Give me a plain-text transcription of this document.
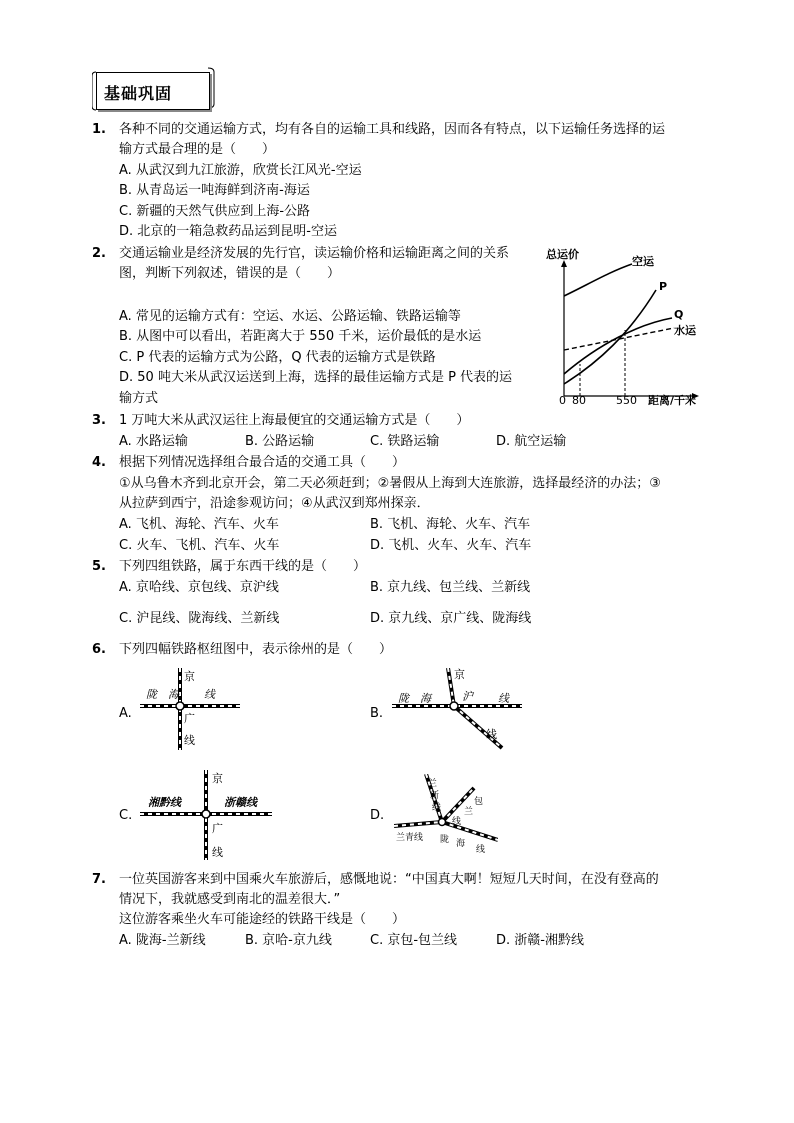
基础巩固
1. 各种不同的交通运输方式，均有各自的运输工具和线路，因而各有特点，以下运输任务选择的运
输方式最合理的是（　　）
A. 从武汉到九江旅游，欣赏长江风光-空运
B. 从青岛运一吨海鲜到济南-海运
C. 新疆的天然气供应到上海-公路
D. 北京的一箱急救药品运到昆明-空运
2. 交通运输业是经济发展的先行官，读运输价格和运输距离之间的关系
图，判断下列叙述，错误的是（　　）
A. 常见的运输方式有：空运、水运、公路运输、铁路运输等
B. 从图中可以看出，若距离大于 550 千米，运价最低的是水运
C. P 代表的运输方式为公路，Q 代表的运输方式是铁路
D. 50 吨大米从武汉运送到上海，选择的最佳运输方式是 P 代表的运
输方式
总运价
距离/千米
0 80	550
空运
P
Q
水运
3. 1 万吨大米从武汉运往上海最便宜的交通运输方式是（　　）
A. 水路运输	B. 公路运输	C. 铁路运输	D. 航空运输
4. 根据下列情况选择组合最合适的交通工具（　　）
①从乌鲁木齐到北京开会，第二天必须赶到；②暑假从上海到大连旅游，选择最经济的办法；③
从拉萨到西宁，沿途参观访问；④从武汉到郑州探亲．
A. 飞机、海轮、汽车、火车	B. 飞机、海轮、火车、汽车
C. 火车、飞机、汽车、火车	D. 飞机、火车、火车、汽车
5. 下列四组铁路，属于东西干线的是（　　）
A. 京哈线、京包线、京沪线	B. 京九线、包兰线、兰新线
C. 沪昆线、陇海线、兰新线	D. 京九线、京广线、陇海线
6. 下列四幅铁路枢纽图中，表示徐州的是（　　）
A.
京
陇　海 线
广
线
B.
京
陇　海	沪 线
线
C.
京
湘黔线	浙赣线
广
线
D.
兰
新
线
包
兰
线
兰青线 陇 海
线
7. 一位英国游客来到中国乘火车旅游后，感慨地说：“中国真大啊！短短几天时间，在没有登高的
情况下，我就感受到南北的温差很大．”
这位游客乘坐火车可能途经的铁路干线是（　　）
A. 陇海-兰新线	B. 京哈-京九线	C. 京包-包兰线	D. 浙赣-湘黔线
